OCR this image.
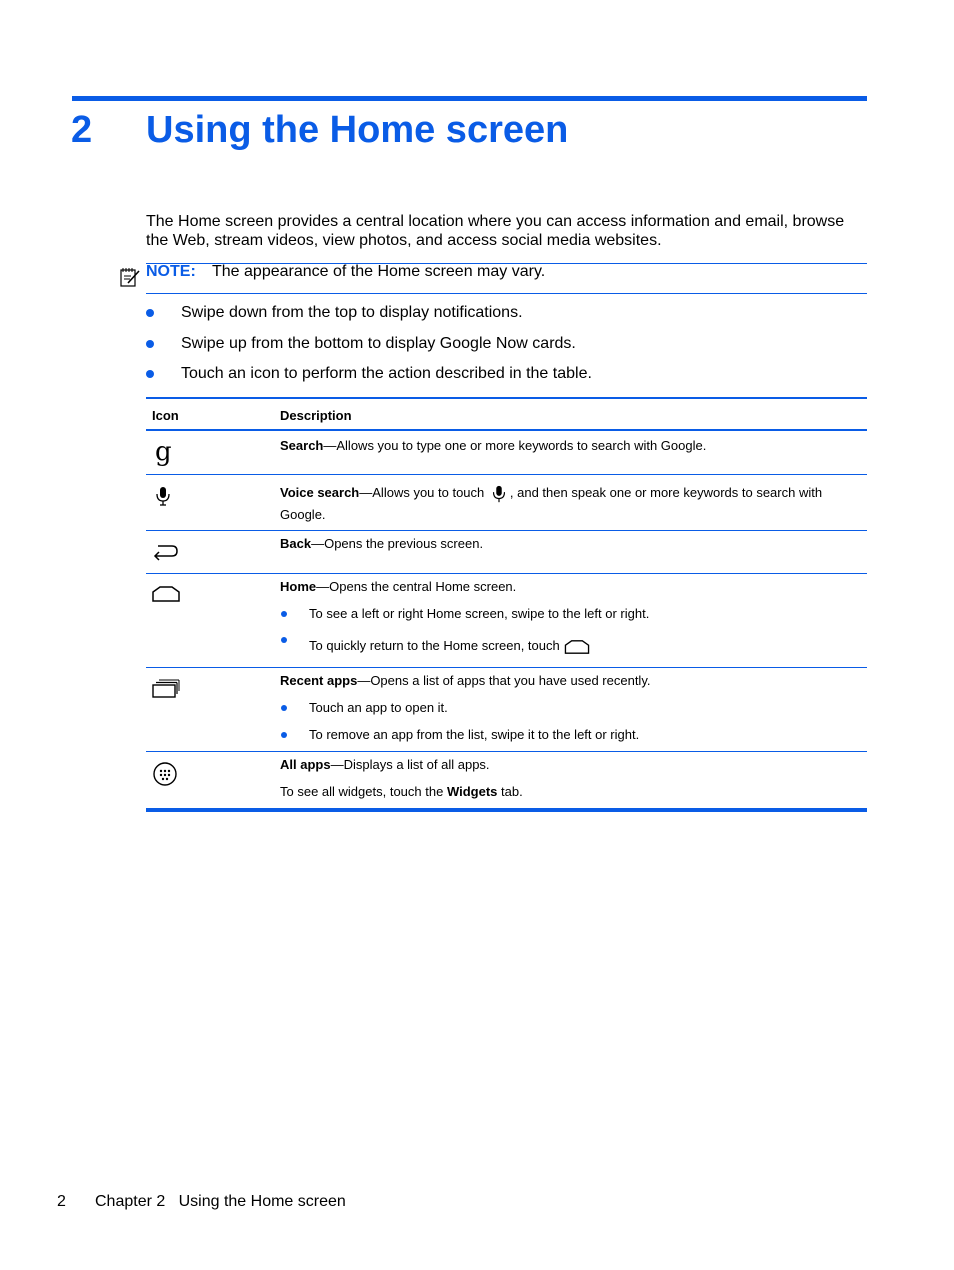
2 Using the Home screen

The Home screen provides a central location where you can access information and email, browse the Web, stream videos, view photos, and access social media websites.

NOTE: The appearance of the Home screen may vary.
Swipe down from the top to display notifications.
Swipe up from the bottom to display Google Now cards.
Touch an icon to perform the action described in the table.
Icon	Description
g	Search—Allows you to type one or more keywords to search with Google.

Voice search—Allows you to touch , and then speak one or more keywords to search with

Google.

Back—Opens the previous screen.

Home—Opens the central Home screen.

To see a left or right Home screen, swipe to the left or right.
To quickly return to the Home screen, touch

Recent apps—Opens a list of apps that you have used recently.

Touch an app to open it.
To remove an app from the list, swipe it to the left or right.

All apps—Displays a list of all apps.

To see all widgets, touch the Widgets tab.

2 Chapter 2   Using the Home screen
